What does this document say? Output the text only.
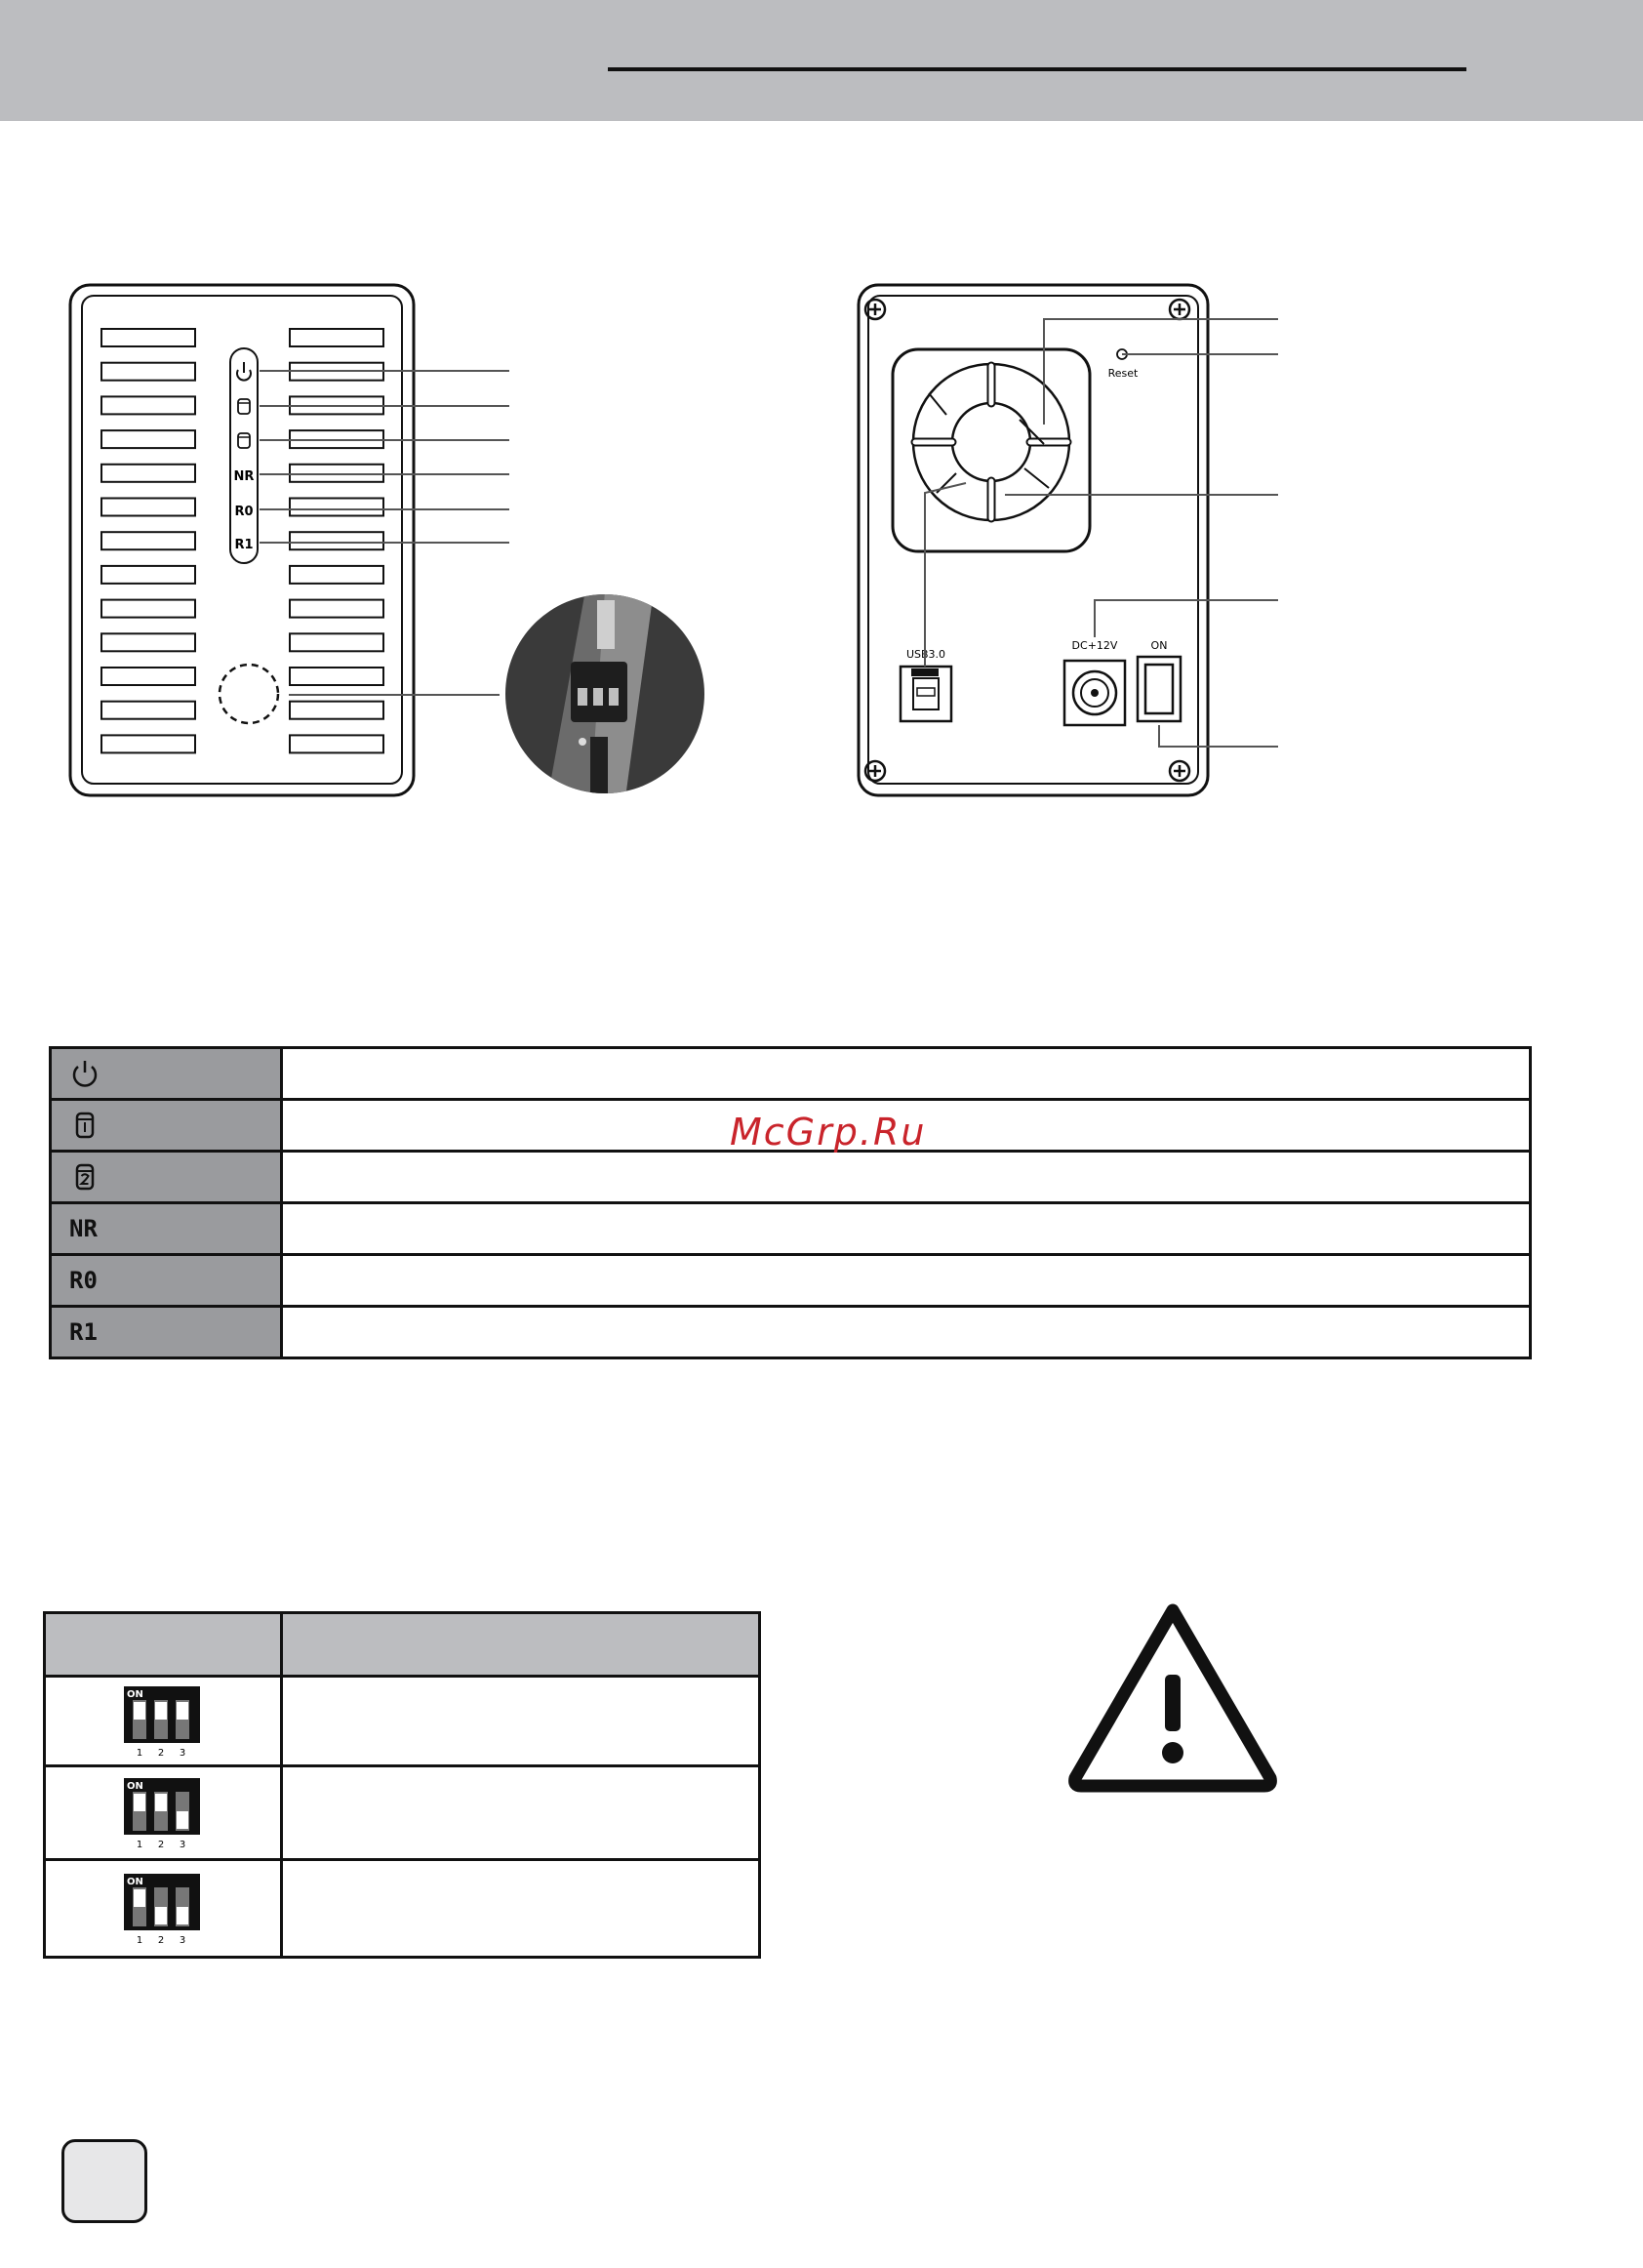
NR
R0
R1
Reset
USB3.0
DC+12V	ON

NR	
R0	
R1	
McGrp.Ru

ON
1 2 3	

ON
1 2 3	

ON
1 2 3	
